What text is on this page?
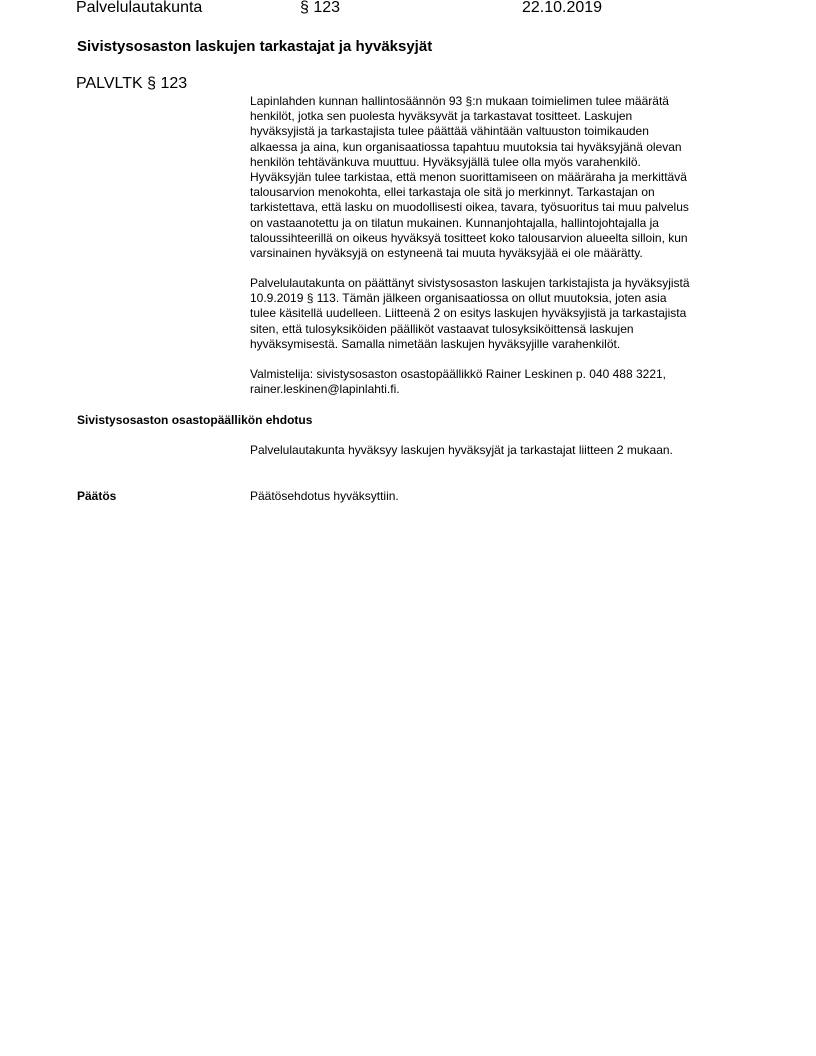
Palvelulautakunta	§ 123	22.10.2019
Sivistysosaston laskujen tarkastajat ja hyväksyjät
PALVLTK § 123
Lapinlahden kunnan hallintosäännön 93 §:n mukaan toimielimen tulee määrätä
henkilöt, jotka sen puolesta hyväksyvät ja tarkastavat tositteet. Laskujen
hyväksyjistä ja tarkastajista tulee päättää vähintään valtuuston toimikauden
alkaessa ja aina, kun organisaatiossa tapahtuu muutoksia tai hyväksyjänä olevan
henkilön tehtävänkuva muuttuu. Hyväksyjällä tulee olla myös varahenkilö.
Hyväksyjän tulee tarkistaa, että menon suorittamiseen on määräraha ja merkittävä
talousarvion menokohta, ellei tarkastaja ole sitä jo merkinnyt. Tarkastajan on
tarkistettava, että lasku on muodollisesti oikea, tavara, työsuoritus tai muu palvelus
on vastaanotettu ja on tilatun mukainen. Kunnanjohtajalla, hallintojohtajalla ja
taloussihteerillä on oikeus hyväksyä tositteet koko talousarvion alueelta silloin, kun
varsinainen hyväksyjä on estyneenä tai muuta hyväksyjää ei ole määrätty.
Palvelulautakunta on päättänyt sivistysosaston laskujen tarkistajista ja hyväksyjistä
10.9.2019 § 113. Tämän jälkeen organisaatiossa on ollut muutoksia, joten asia
tulee käsitellä uudelleen. Liitteenä 2 on esitys laskujen hyväksyjistä ja tarkastajista
siten, että tulosyksiköiden päälliköt vastaavat tulosyksiköittensä laskujen
hyväksymisestä. Samalla nimetään laskujen hyväksyjille varahenkilöt.
Valmistelija: sivistysosaston osastopäällikkö Rainer Leskinen p. 040 488 3221,
rainer.leskinen@lapinlahti.fi.
Sivistysosaston osastopäällikön ehdotus
Palvelulautakunta hyväksyy laskujen hyväksyjät ja tarkastajat liitteen 2 mukaan.
Päätös	Päätösehdotus hyväksyttiin.
